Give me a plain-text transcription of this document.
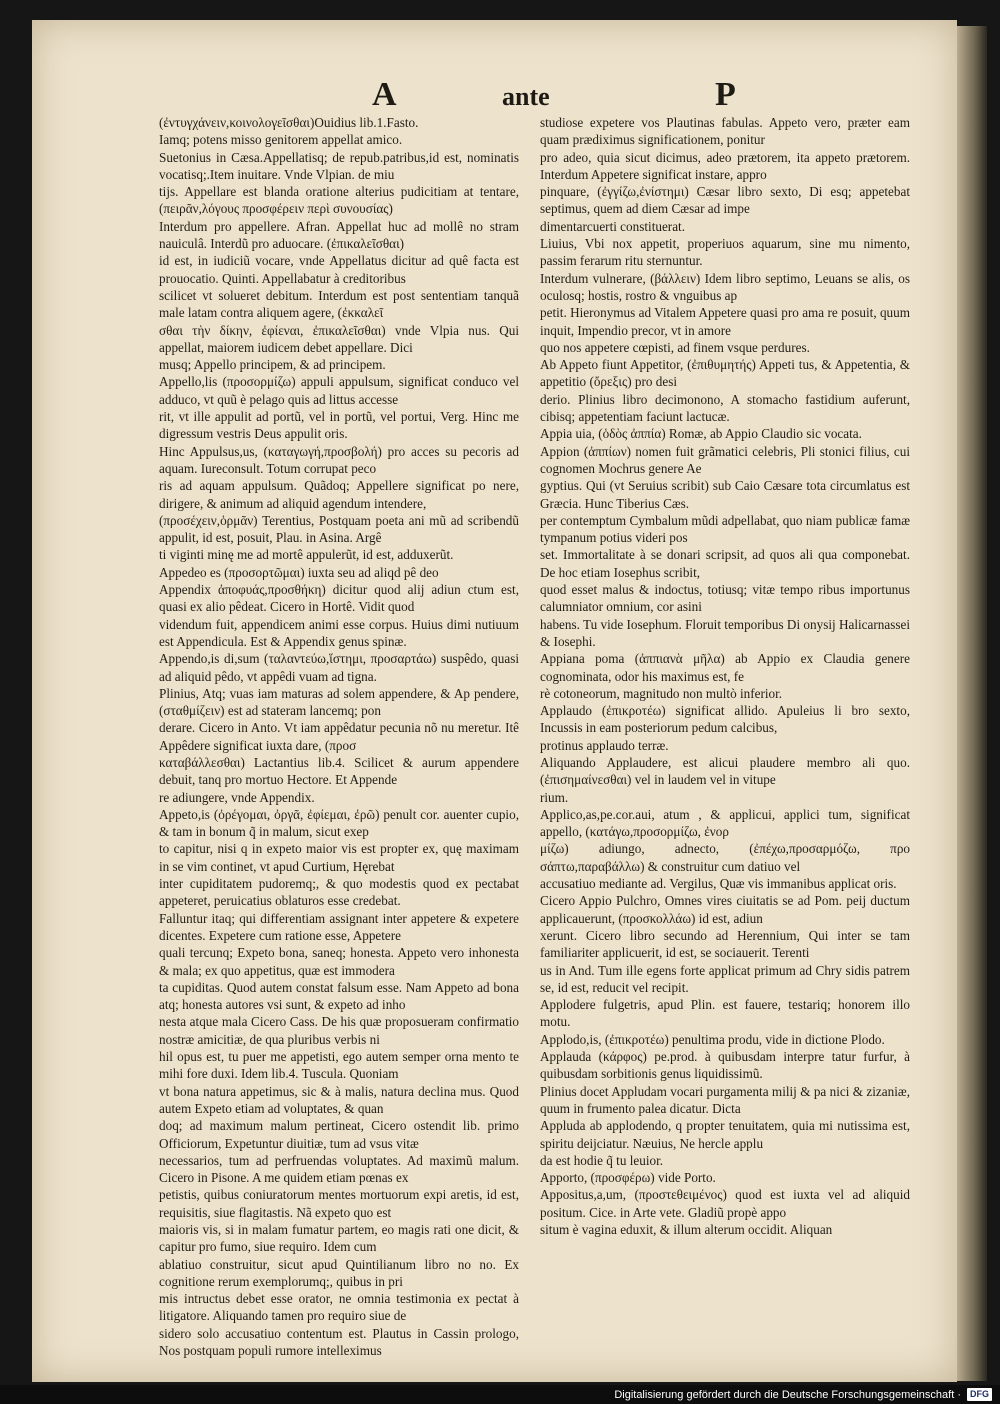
A	ante	P

(ἐντυγχάνειν,κοινολογεῖσθαι)Ouidius lib.1.Fasto.

Iamq; potens misso genitorem appellat amico.

Suetonius in Cæsa.Appellatisq; de repub.patribus,id est, nominatis vocatisq;.Item inuitare. Vnde Vlpian. de miu

tijs. Appellare est blanda oratione alterius pudicitiam at tentare, (πειρᾶν,λόγους προσφέρειν περὶ συνουσίας)

Interdum pro appellere. Afran. Appellat huc ad mollê no stram nauiculâ. Interdũ pro aduocare. (ἐπικαλεῖσθαι)

id est, in iudiciũ vocare, vnde Appellatus dicitur ad quê facta est prouocatio. Quinti. Appellabatur à creditoribus

scilicet vt solueret debitum. Interdum est post sententiam tanquã male latam contra aliquem agere, (ἐκκαλεῖ

σθαι τὴν δίκην, ἐφίεναι, ἐπικαλεῖσθαι) vnde Vlpia nus. Qui appellat, maiorem iudicem debet appellare. Dici

musq; Appello principem, & ad principem.

Appello,lis (προσορμίζω) appuli appulsum, significat conduco vel adduco, vt quũ è pelago quis ad littus accesse

rit, vt ille appulit ad portũ, vel in portũ, vel portui, Verg. Hinc me digressum vestris Deus appulit oris.

Hinc Appulsus,us, (καταγωγή,προσβολή) pro acces su pecoris ad aquam. Iureconsult. Totum corrupat peco

ris ad aquam appulsum. Quãdoq; Appellere significat po nere, dirigere, & animum ad aliquid agendum intendere,

(προσέχειν,ὁρμᾶν) Terentius, Postquam poeta ani mũ ad scribendũ appulit, id est, posuit, Plau. in Asina. Argê

ti viginti minę me ad mortê appulerũt, id est, adduxerũt.

Appedeo es (προσορτῶμαι) iuxta seu ad aliqd pê deo

Appendix ἀποφυάς,προσθήκη) dicitur quod alij adiun ctum est, quasi ex alio pêdeat. Cicero in Hortê. Vidit quod

videndum fuit, appendicem animi esse corpus. Huius dimi nutiuum est Appendicula. Est & Appendix genus spinæ.

Appendo,is di,sum (ταλαντεύω,ἵστημι, προσαρτάω) suspêdo, quasi ad aliquid pêdo, vt appêdi vuam ad tigna.

Plinius, Atq; vuas iam maturas ad solem appendere, & Ap pendere, (σταθμίζειν) est ad stateram lancemq; pon

derare. Cicero in Anto. Vt iam appêdatur pecunia nõ nu meretur. Itê Appêdere significat iuxta dare, (προσ

καταβάλλεσθαι) Lactantius lib.4. Scilicet & aurum appendere debuit, tanq pro mortuo Hectore. Et Appende

re adiungere, vnde Appendix.

Appeto,is (ὀρέγομαι, ὀργᾶ, ἐφίεμαι, ἐρῶ) penult cor. auenter cupio, & tam in bonum q̃ in malum, sicut exep

to capitur, nisi q in expeto maior vis est propter ex, quę maximam in se vim continet, vt apud Curtium, Hęrebat

inter cupiditatem pudoremq;, & quo modestis quod ex pectabat appeteret, peruicatius oblaturos esse credebat.

Falluntur itaq; qui differentiam assignant inter appetere & expetere dicentes. Expetere cum ratione esse, Appetere

quali tercunq; Expeto bona, saneq; honesta. Appeto vero inhonesta & mala; ex quo appetitus, quæ est immodera

ta cupiditas. Quod autem constat falsum esse. Nam Appeto ad bona atq; honesta autores vsi sunt, & expeto ad inho

nesta atque mala Cicero Cass. De his quæ proposueram confirmatio nostræ amicitiæ, de qua pluribus verbis ni

hil opus est, tu puer me appetisti, ego autem semper orna mento te mihi fore duxi. Idem lib.4. Tuscula. Quoniam

vt bona natura appetimus, sic & à malis, natura declina mus. Quod autem Expeto etiam ad voluptates, & quan

doq; ad maximum malum pertineat, Cicero ostendit lib. primo Officiorum, Expetuntur diuitiæ, tum ad vsus vitæ

necessarios, tum ad perfruendas voluptates. Ad maximũ malum. Cicero in Pisone. A me quidem etiam pœnas ex

petistis, quibus coniuratorum mentes mortuorum expi aretis, id est, requisitis, siue flagitastis. Nã expeto quo est

maioris vis, si in malam fumatur partem, eo magis rati one dicit, & capitur pro fumo, siue requiro. Idem cum

ablatiuo construitur, sicut apud Quintilianum libro no no. Ex cognitione rerum exemplorumq;, quibus in pri

mis intructus debet esse orator, ne omnia testimonia ex pectat à litigatore. Aliquando tamen pro requiro siue de

sidero solo accusatiuo contentum est. Plautus in Cassin prologo, Nos postquam populi rumore intelleximus

studiose expetere vos Plautinas fabulas. Appeto vero, præter eam quam prædiximus significationem, ponitur

pro adeo, quia sicut dicimus, adeo prætorem, ita appeto prætorem. Interdum Appetere significat instare, appro

pinquare, (ἐγγίζω,ἐνίστημι) Cæsar libro sexto, Di esq; appetebat septimus, quem ad diem Cæsar ad impe

dimentarcuerti constituerat.

Liuius, Vbi nox appetit, properiuos aquarum, sine mu nimento, passim ferarum ritu sternuntur.

Interdum vulnerare, (βάλλειν) Idem libro septimo, Leuans se alis, os oculosq; hostis, rostro & vnguibus ap

petit. Hieronymus ad Vitalem Appetere quasi pro ama re posuit, quum inquit, Impendio precor, vt in amore

quo nos appetere cœpisti, ad finem vsque perdures.

Ab Appeto fiunt Appetitor, (ἐπιθυμητής) Appeti tus, & Appetentia, & appetitio (ὄρεξις) pro desi

derio. Plinius libro decimonono, A stomacho fastidium auferunt, cibisq; appetentiam faciunt lactucæ.

Appia uia, (ὁδὸς ἀππία) Romæ, ab Appio Claudio sic vocata.

Appion (ἀππίων) nomen fuit grãmatici celebris, Pli stonici filius, cui cognomen Mochrus genere Ae

gyptius. Qui (vt Seruius scribit) sub Caio Cæsare tota circumlatus est Græcia. Hunc Tiberius Cæs.

per contemptum Cymbalum mũdi adpellabat, quo niam publicæ famæ tympanum potius videri pos

set. Immortalitate à se donari scripsit, ad quos ali qua componebat. De hoc etiam Iosephus scribit,

quod esset malus & indoctus, totiusq; vitæ tempo ribus importunus calumniator omnium, cor asini

habens. Tu vide Iosephum. Floruit temporibus Di onysij Halicarnassei & Iosephi.

Appiana poma (ἀππιανὰ μῆλα) ab Appio ex Claudia genere cognominata, odor his maximus est, fe

rè cotoneorum, magnitudo non multò inferior.

Applaudo (ἐπικροτέω) significat allido. Apuleius li bro sexto, Incussis in eam posteriorum pedum calcibus,

protinus applaudo terræ.

Aliquando Applaudere, est alicui plaudere membro ali quo. (ἐπισημαίνεσθαι) vel in laudem vel in vitupe

rium.

Applico,as,pe.cor.aui, atum , & applicui, applici tum, significat appello, (κατάγω,προσορμίζω, ἐνορ

μίζω) adiungo, adnecto, (ἐπέχω,προσαρμόζω, προ σάπτω,παραβάλλω) & construitur cum datiuo vel

accusatiuo mediante ad. Vergilus, Quæ vis immanibus applicat oris.

Cicero Appio Pulchro, Omnes vires ciuitatis se ad Pom. peij ductum applicauerunt, (προσκολλάω) id est, adiun

xerunt. Cicero libro secundo ad Herennium, Qui inter se tam familiariter applicuerit, id est, se sociauerit. Terenti

us in And. Tum ille egens forte applicat primum ad Chry sidis patrem se, id est, reducit vel recipit.

Applodere fulgetris, apud Plin. est fauere, testariq; honorem illo motu.

Applodo,is, (ἐπικροτέω) penultima produ, vide in dictione Plodo.

Applauda (κάρφος) pe.prod. à quibusdam interpre tatur furfur, à quibusdam sorbitionis genus liquidissimũ.

Plinius docet Appludam vocari purgamenta milij & pa nici & zizaniæ, quum in frumento palea dicatur. Dicta

Appluda ab applodendo, q propter tenuitatem, quia mi nutissima est, spiritu deijciatur. Næuius, Ne hercle applu

da est hodie q̃ tu leuior.

Apporto, (προσφέρω) vide Porto.

Appositus,a,um, (προστεθειμένος) quod est iuxta vel ad aliquid positum. Cice. in Arte vete. Gladiũ propè appo

situm è vagina eduxit, & illum alterum occidit. Aliquan

Digitalisierung gefördert durch die Deutsche Forschungsgemeinschaft ·	DFG
